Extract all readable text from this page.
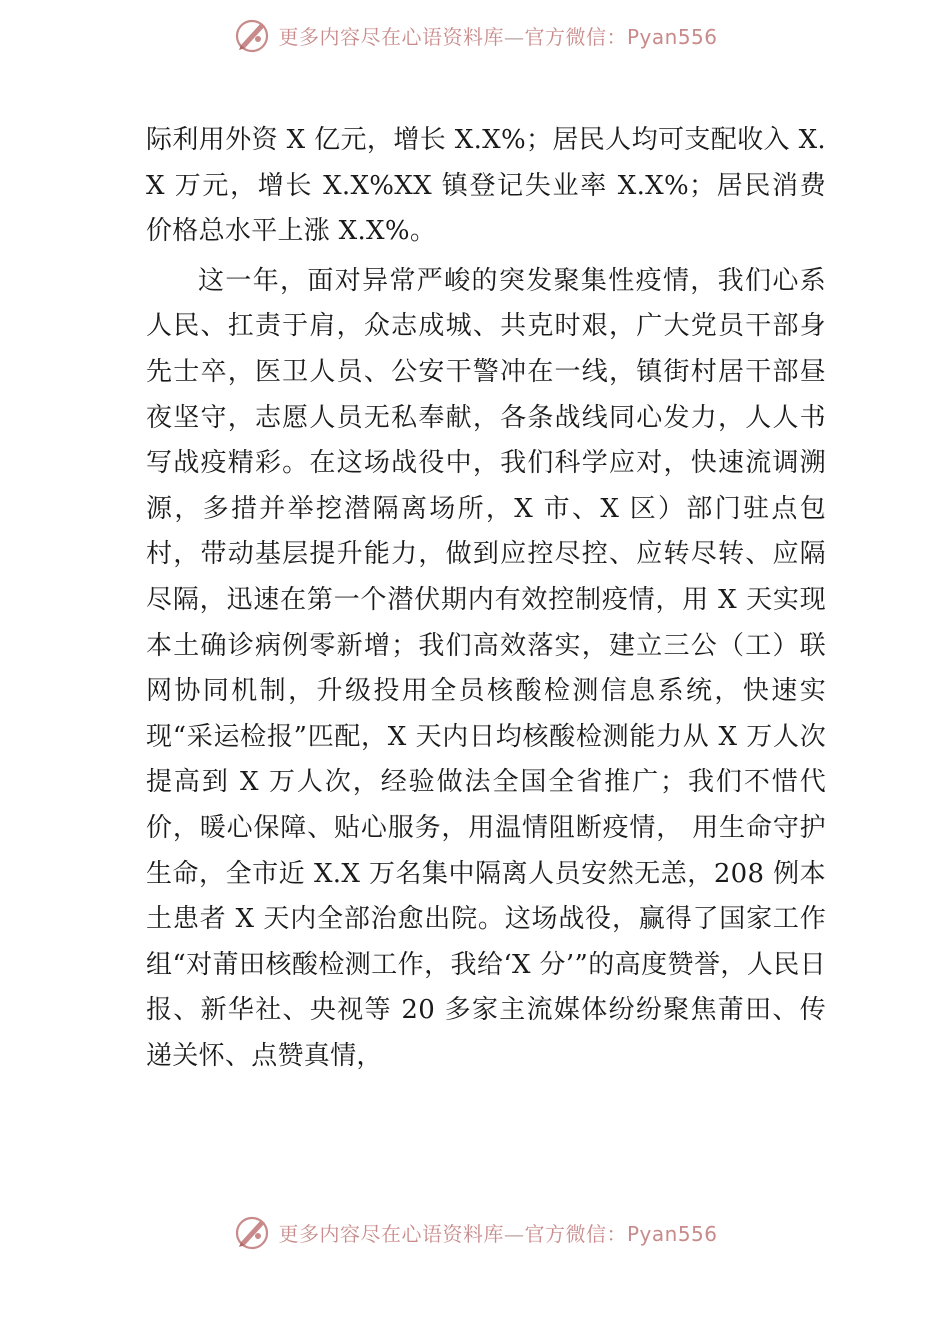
更多内容尽在心语资料库—官方微信：Pyan556

际利用外资 X 亿元，增长 X.X%；居民人均可支配收入 X.X 万元，增长 X.X%XX 镇登记失业率 X.X%；居民消费价格总水平上涨 X.X%。

这一年，面对异常严峻的突发聚集性疫情，我们心系人民、扛责于肩，众志成城、共克时艰，广大党员干部身先士卒，医卫人员、公安干警冲在一线，镇街村居干部昼夜坚守，志愿人员无私奉献，各条战线同心发力，人人书写战疫精彩。在这场战役中，我们科学应对，快速流调溯源，多措并举挖潜隔离场所，X 市、X 区）部门驻点包村，带动基层提升能力，做到应控尽控、应转尽转、应隔尽隔，迅速在第一个潜伏期内有效控制疫情，用 X 天实现本土确诊病例零新增；我们高效落实，建立三公（工）联网协同机制，升级投用全员核酸检测信息系统，快速实现“采运检报”匹配，X 天内日均核酸检测能力从 X 万人次提高到 X 万人次，经验做法全国全省推广；我们不惜代价，暖心保障、贴心服务，用温情阻断疫情， 用生命守护生命，全市近 X.X 万名集中隔离人员安然无恙，208 例本土患者 X 天内全部治愈出院。这场战役，赢得了国家工作组“对莆田核酸检测工作，我给‘X 分’”的高度赞誉，人民日报、新华社、央视等 20 多家主流媒体纷纷聚焦莆田、传递关怀、点赞真情，

更多内容尽在心语资料库—官方微信：Pyan556
